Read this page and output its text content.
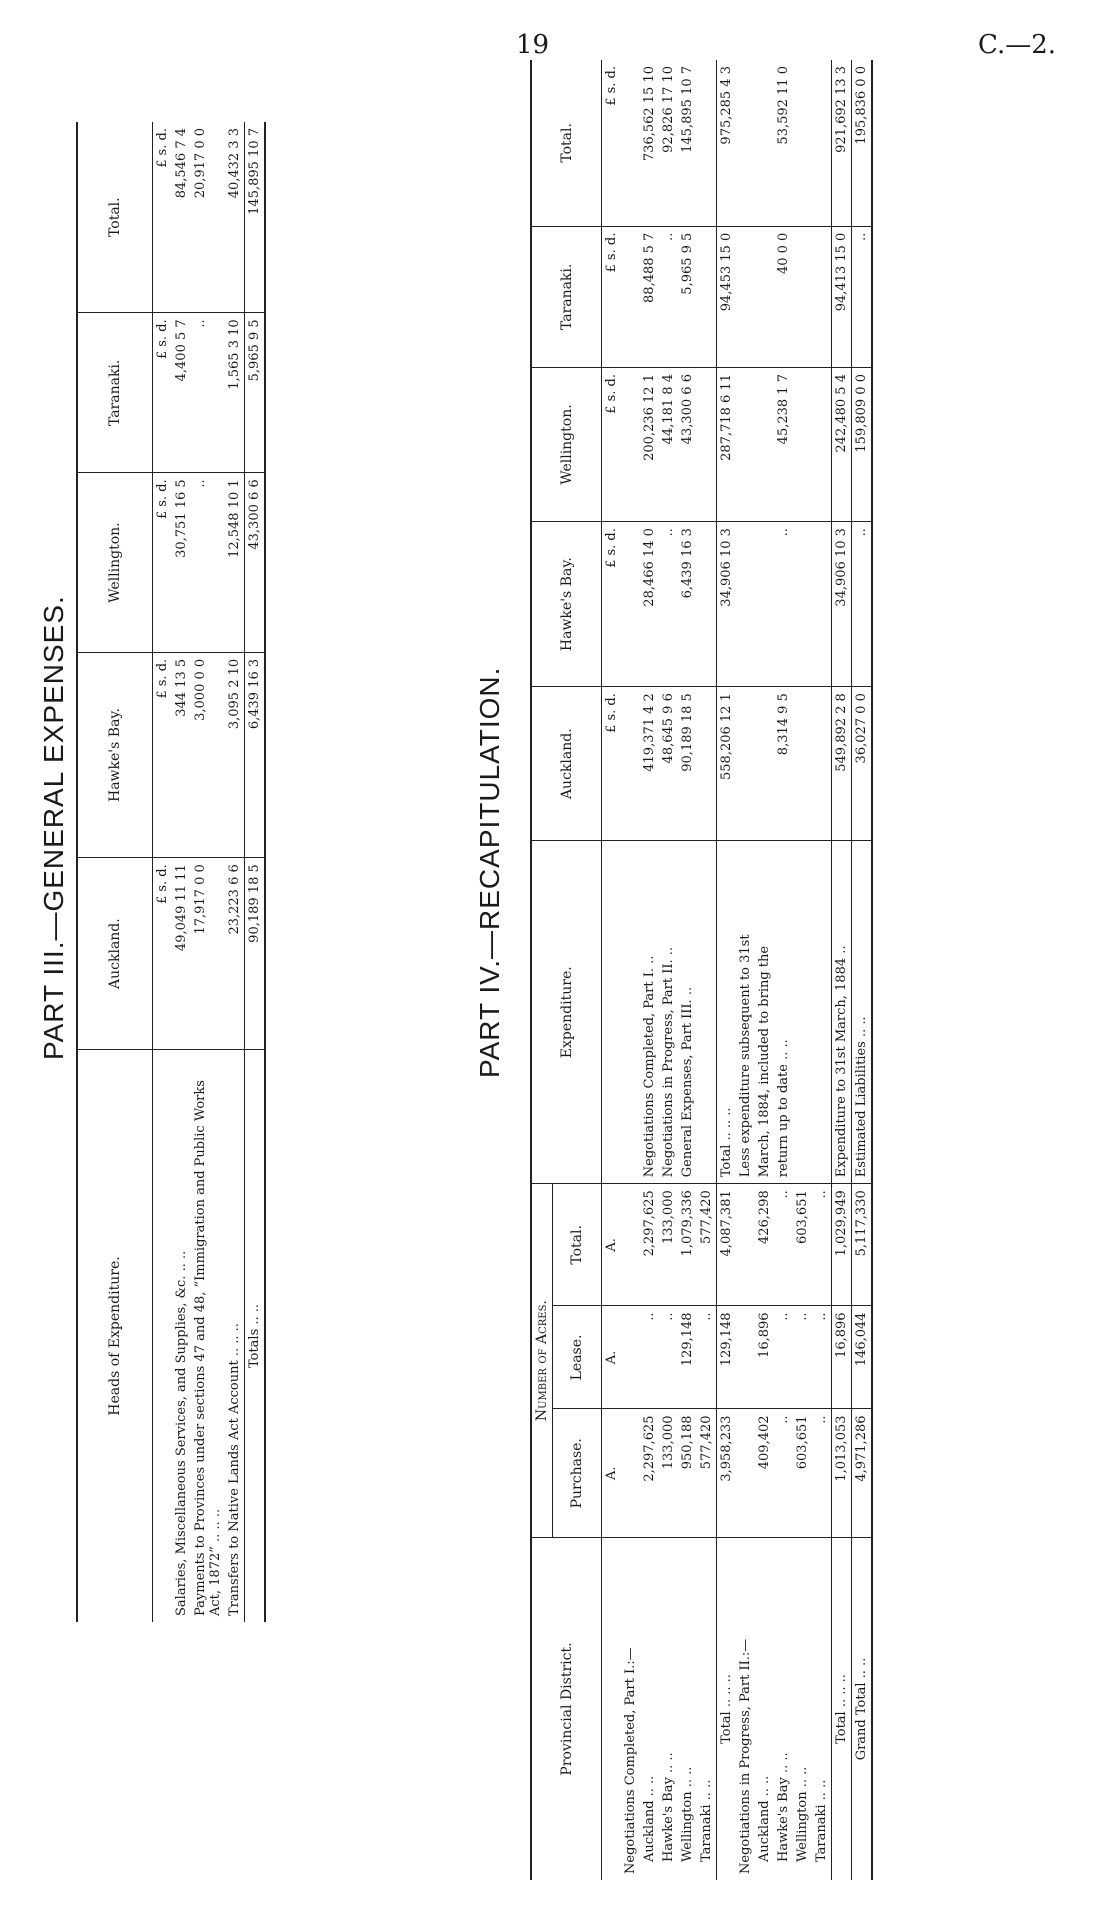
19	C.—2.
PART III.—GENERAL EXPENSES.
Heads of Expenditure.	Auckland.	Hawke's Bay.	Wellington.	Taranaki.	Total.
	£ s. d.	£ s. d.	£ s. d.	£ s. d.	£ s. d.
Salaries, Miscellaneous Services, and Supplies, &c. .. ..	49,049 11 11	344 13 5	30,751 16 5	4,400 5 7	84,546 7 4
Payments to Provinces under sections 47 and 48, “Immigration and Public Works Act, 1872” .. .. ..	17,917 0 0	3,000 0 0	..	..	20,917 0 0
Transfers to Native Lands Act Account .. .. ..	23,223 6 6	3,095 2 10	12,548 10 1	1,565 3 10	40,432 3 3
Totals .. ..	90,189 18 5	6,439 16 3	43,300 6 6	5,965 9 5	145,895 10 7
PART IV.—RECAPITULATION.
Provincial District.	Number of Acres.			Expenditure.	Auckland.	Hawke's Bay.	Wellington.	Taranaki.	Total.
	Purchase.	Lease.	Total.						
	A.	A.	A.		£ s. d.	£ s. d.	£ s. d.	£ s. d.	£ s. d.
Negotiations Completed, Part I.:—									
Auckland .. ..	2,297,625	..	2,297,625	Negotiations Completed, Part I. ..	419,371 4 2	28,466 14 0	200,236 12 1	88,488 5 7	736,562 15 10
Hawke's Bay .. ..	133,000	..	133,000	Negotiations in Progress, Part II. ..	48,645 9 6	..	44,181 8 4	..	92,826 17 10
Wellington .. ..	950,188	129,148	1,079,336	General Expenses, Part III. ..	90,189 18 5	6,439 16 3	43,300 6 6	5,965 9 5	145,895 10 7
Taranaki .. ..	577,420	..	577,420						
Total .. .. ..	3,958,233	129,148	4,087,381	Total .. .. ..	558,206 12 1	34,906 10 3	287,718 6 11	94,453 15 0	975,285 4 3
Negotiations in Progress, Part II.:—				Less expenditure subsequent to 31st					
Auckland .. ..	409,402	16,896	426,298	March, 1884, included to bring the					
Hawke's Bay .. ..	..	..	..	return up to date .. ..	8,314 9 5	..	45,238 1 7	40 0 0	53,592 11 0
Wellington .. ..	603,651	..	603,651						
Taranaki .. ..	..	..	..						
Total .. .. ..	1,013,053	16,896	1,029,949	Expenditure to 31st March, 1884 ..	549,892 2 8	34,906 10 3	242,480 5 4	94,413 15 0	921,692 13 3
Grand Total .. ..	4,971,286	146,044	5,117,330	Estimated Liabilities .. ..	36,027 0 0	..	159,809 0 0	..	195,836 0 0
